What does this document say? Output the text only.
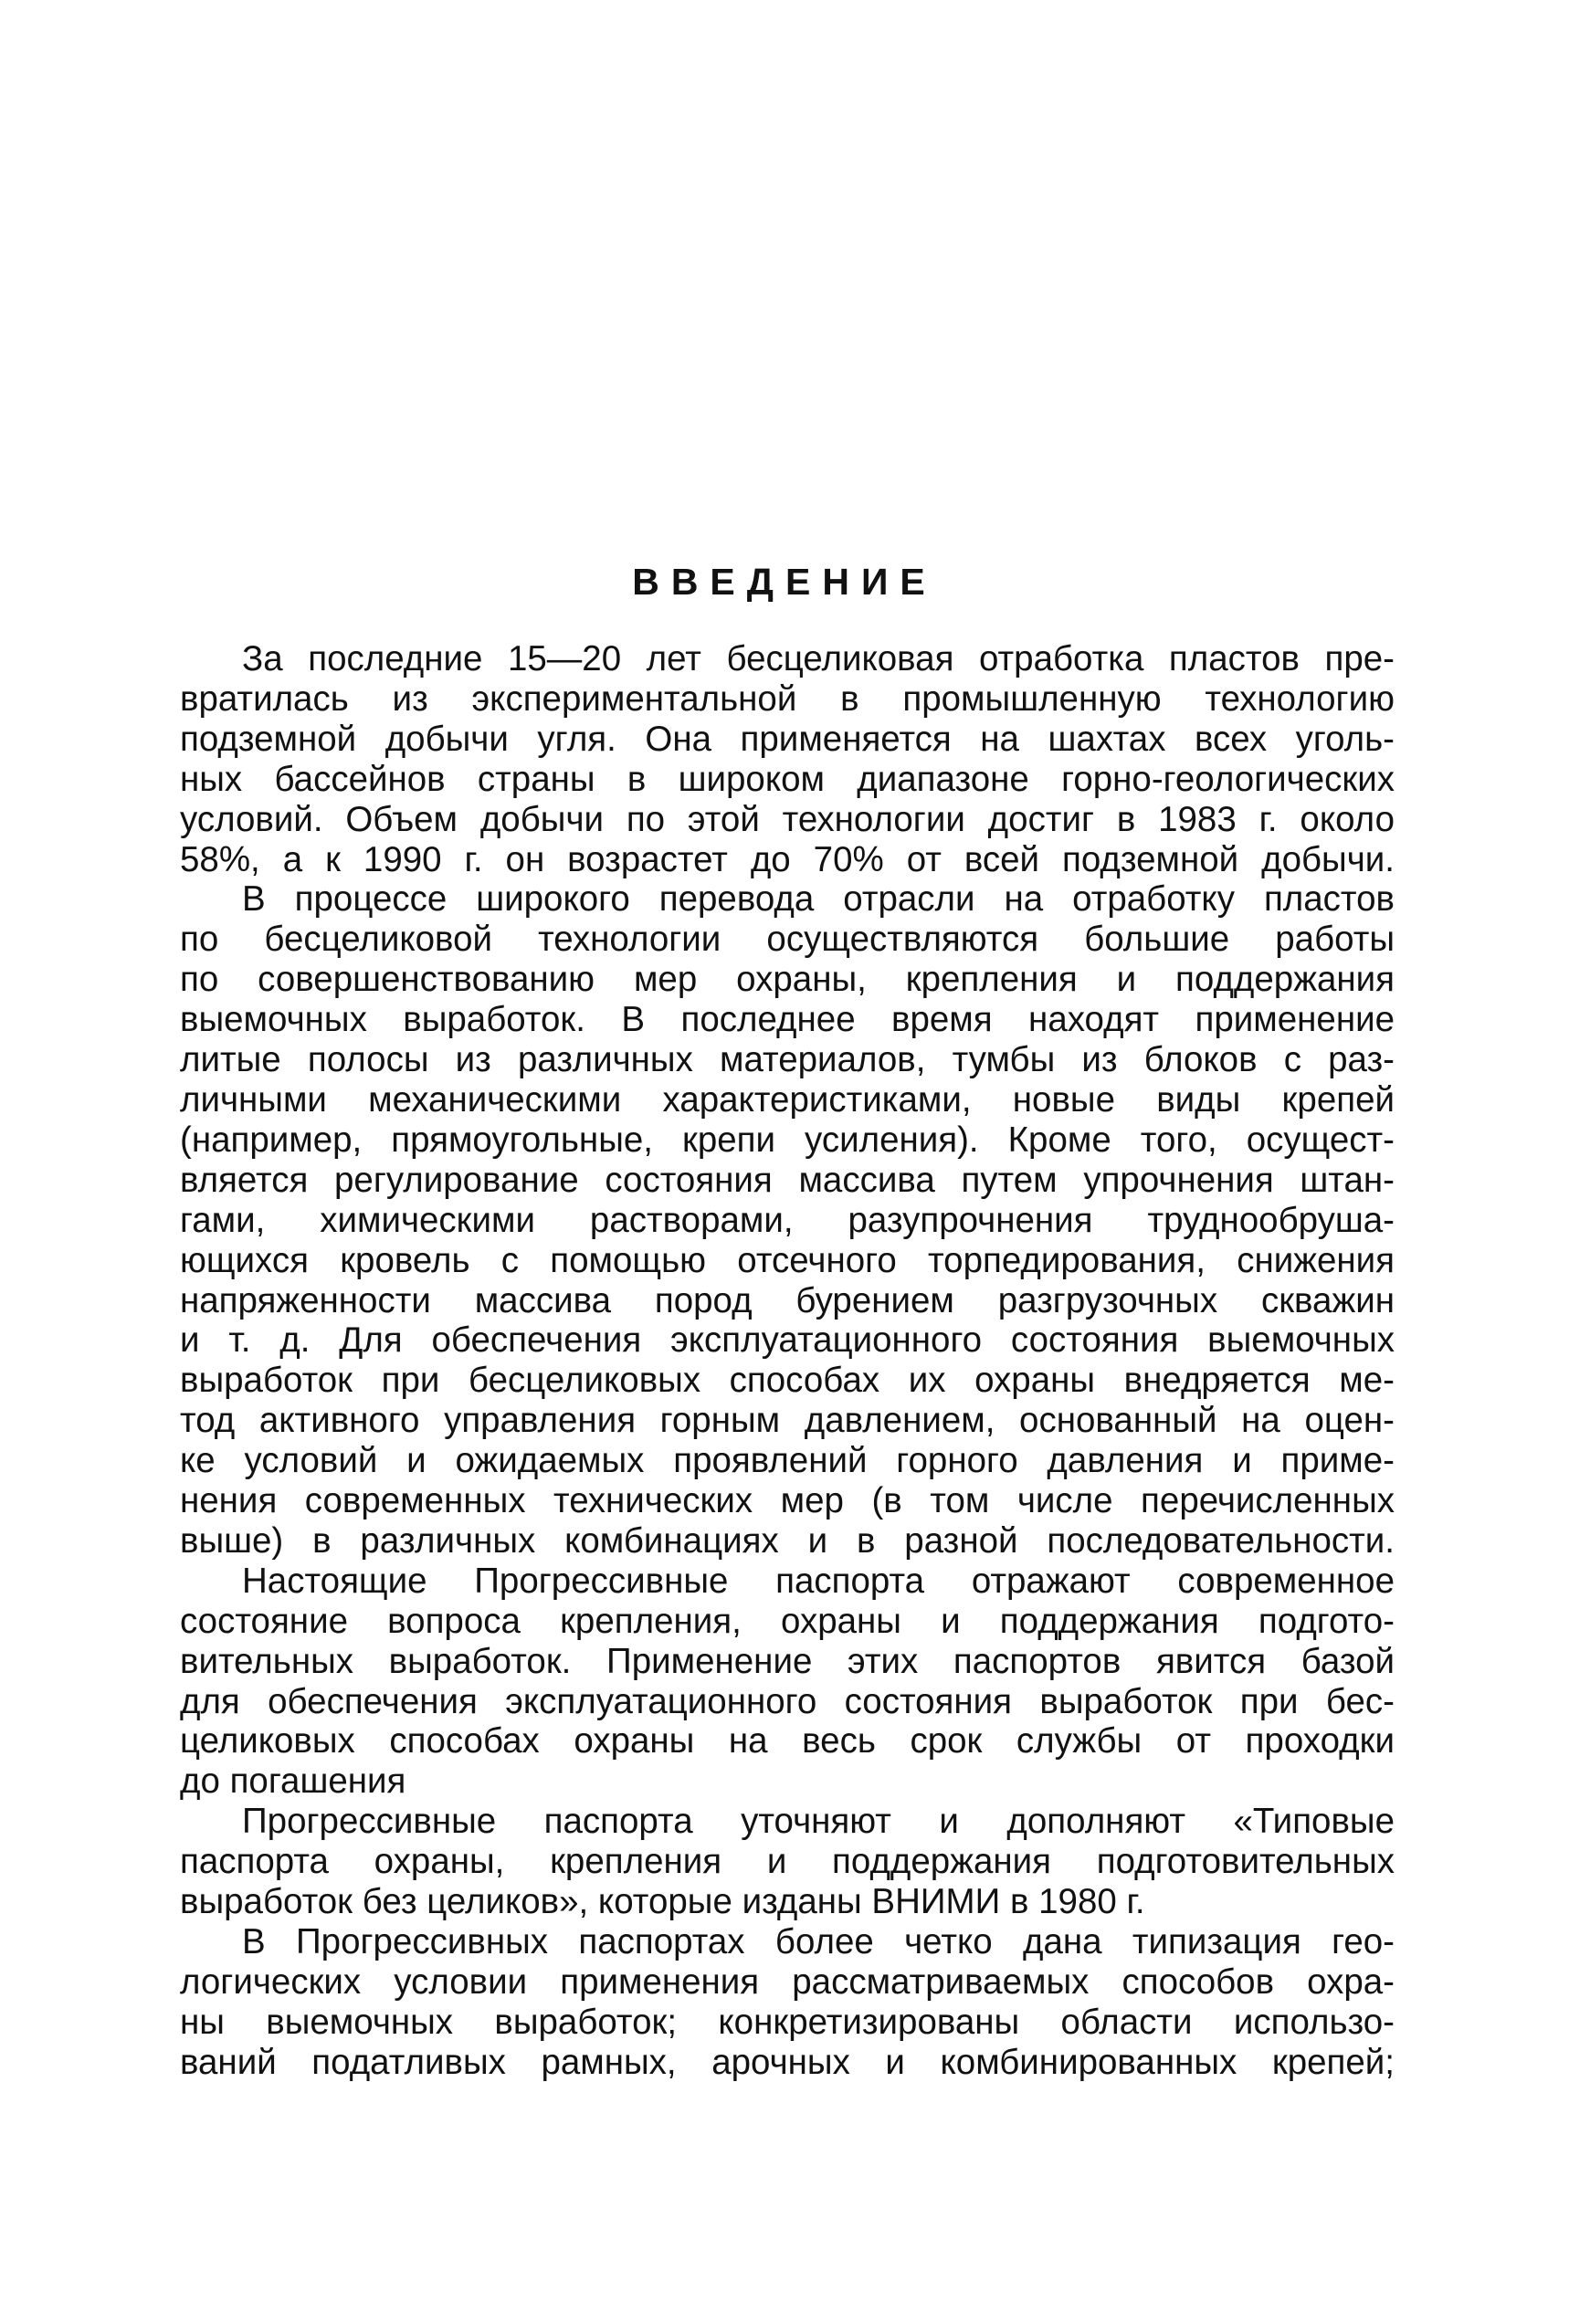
ВВЕДЕНИЕ

За последние 15—20 лет бесцеликовая отработка пластов пре-
вратилась из экспериментальной в промышленную технологию
подземной добычи угля. Она применяется на шахтах всех уголь-
ных бассейнов страны в широком диапазоне горно-геологических
условий. Объем добычи по этой технологии достиг в 1983 г. около
58%, а к 1990 г. он возрастет до 70% от всей подземной добычи.

В процессе широкого перевода отрасли на отработку пластов
по бесцеликовой технологии осуществляются большие работы
по совершенствованию мер охраны, крепления и поддержания
выемочных выработок. В последнее время находят применение
литые полосы из различных материалов, тумбы из блоков с раз-
личными механическими характеристиками, новые виды крепей
(например, прямоугольные, крепи усиления). Кроме того, осущест-
вляется регулирование состояния массива путем упрочнения штан-
гами, химическими растворами, разупрочнения труднообруша-
ющихся кровель с помощью отсечного торпедирования, снижения
напряженности массива пород бурением разгрузочных скважин
и т. д. Для обеспечения эксплуатационного состояния выемочных
выработок при бесцеликовых способах их охраны внедряется ме-
тод активного управления горным давлением, основанный на оцен-
ке условий и ожидаемых проявлений горного давления и приме-
нения современных технических мер (в том числе перечисленных
выше) в различных комбинациях и в разной последовательности.

Настоящие Прогрессивные паспорта отражают современное
состояние вопроса крепления, охраны и поддержания подгото-
вительных выработок. Применение этих паспортов явится базой
для обеспечения эксплуатационного состояния выработок при бес-
целиковых способах охраны на весь срок службы от проходки
до погашения

Прогрессивные паспорта уточняют и дополняют «Типовые
паспорта охраны, крепления и поддержания подготовительных
выработок без целиков», которые изданы ВНИМИ в 1980 г.

В Прогрессивных паспортах более четко дана типизация гео-
логических условии применения рассматриваемых способов охра-
ны выемочных выработок; конкретизированы области использо-
ваний податливых рамных, арочных и комбинированных крепей;
